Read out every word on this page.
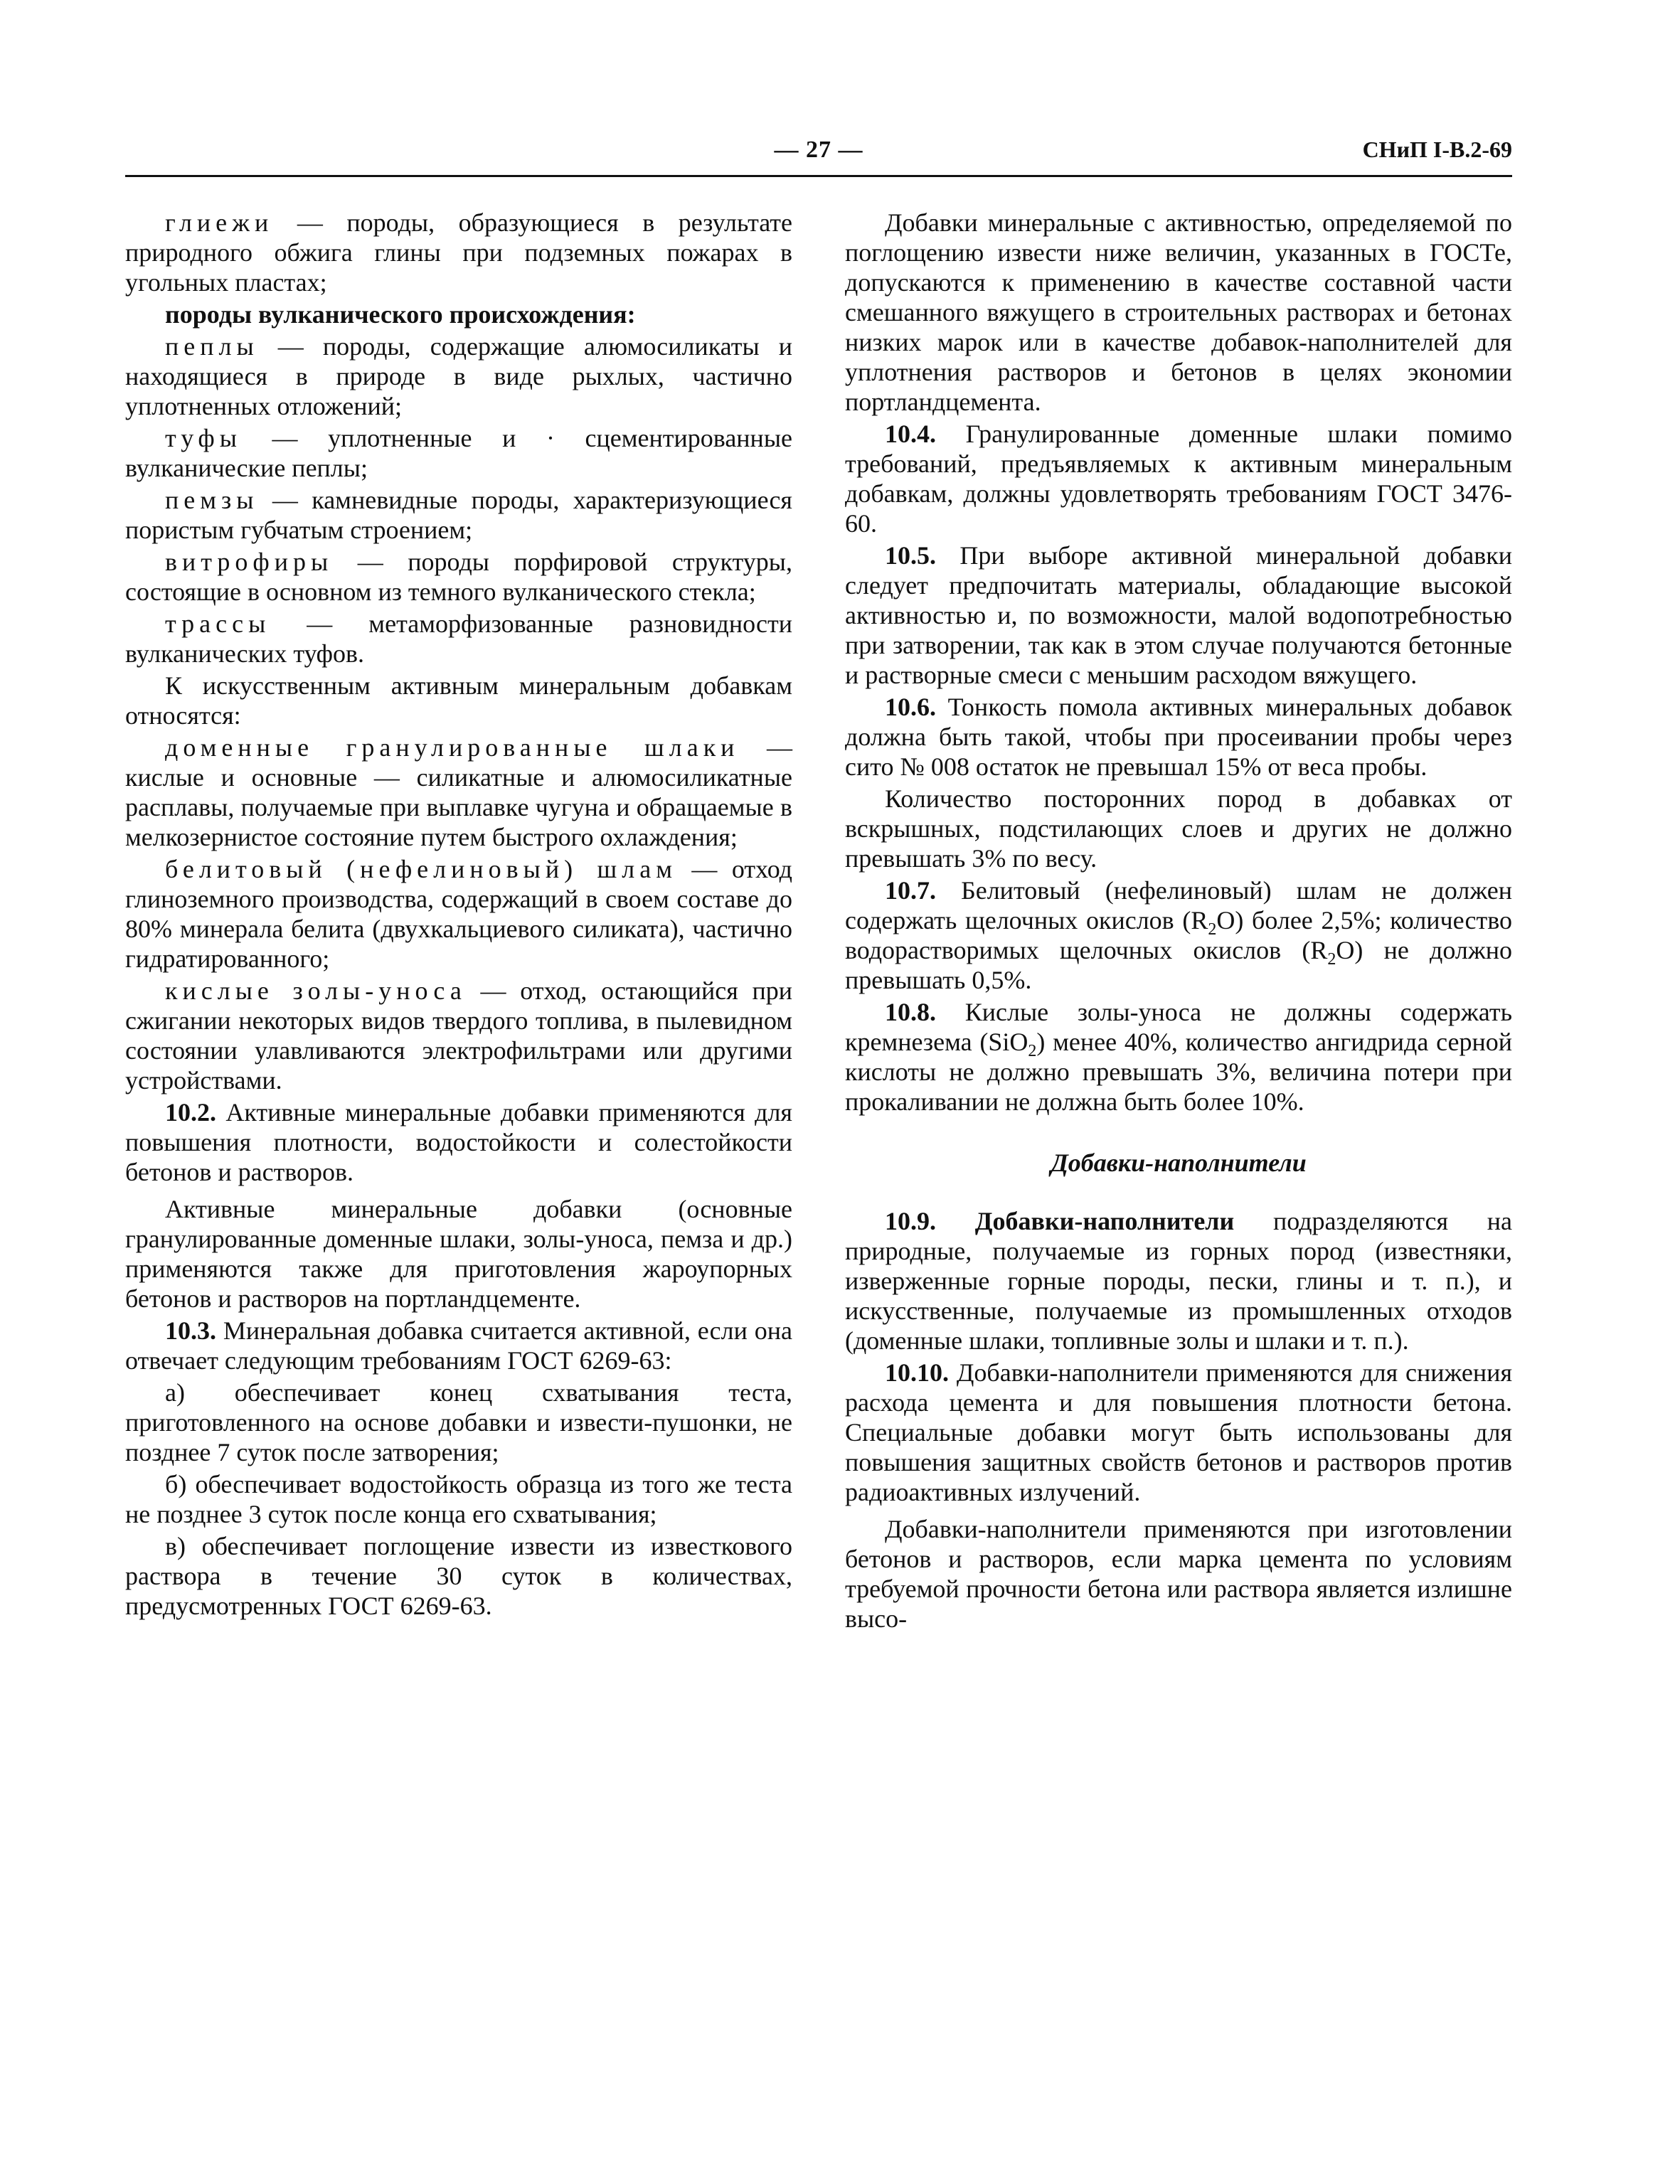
— 27 —	СНиП I-В.2-69

глиежи — породы, образующиеся в результате природного обжига глины при подземных пожарах в угольных пластах;

породы вулканического происхождения:

пеплы — породы, содержащие алюмосиликаты и находящиеся в природе в виде рыхлых, частично уплотненных отложений;

туфы — уплотненные и · сцементированные вулканические пеплы;

пемзы — камневидные породы, характеризующиеся пористым губчатым строением;

витрофиры — породы порфировой структуры, состоящие в основном из темного вулканического стекла;

трассы — метаморфизованные разновидности вулканических туфов.

К искусственным активным минеральным добавкам относятся:

доменные гранулированные шлаки — кислые и основные — силикатные и алюмосиликатные расплавы, получаемые при выплавке чугуна и обращаемые в мелкозернистое состояние путем быстрого охлаждения;

белитовый (нефелиновый) шлам — отход глиноземного производства, содержащий в своем составе до 80% минерала белита (двухкальциевого силиката), частично гидратированного;

кислые золы-уноса — отход, остающийся при сжигании некоторых видов твердого топлива, в пылевидном состоянии улавливаются электрофильтрами или другими устройствами.

10.2. Активные минеральные добавки применяются для повышения плотности, водостойкости и солестойкости бетонов и растворов.

Активные минеральные добавки (основные гранулированные доменные шлаки, золы-уноса, пемза и др.) применяются также для приготовления жароупорных бетонов и растворов на портландцементе.

10.3. Минеральная добавка считается активной, если она отвечает следующим требованиям ГОСТ 6269-63:

а) обеспечивает конец схватывания теста, приготовленного на основе добавки и извести-пушонки, не позднее 7 суток после затворения;

б) обеспечивает водостойкость образца из того же теста не позднее 3 суток после конца его схватывания;

в) обеспечивает поглощение извести из известкового раствора в течение 30 суток в количествах, предусмотренных ГОСТ 6269-63.

Добавки минеральные с активностью, определяемой по поглощению извести ниже величин, указанных в ГОСТе, допускаются к применению в качестве составной части смешанного вяжущего в строительных растворах и бетонах низких марок или в качестве добавок-наполнителей для уплотнения растворов и бетонов в целях экономии портландцемента.

10.4. Гранулированные доменные шлаки помимо требований, предъявляемых к активным минеральным добавкам, должны удовлетворять требованиям ГОСТ 3476-60.

10.5. При выборе активной минеральной добавки следует предпочитать материалы, обладающие высокой активностью и, по возможности, малой водопотребностью при затворении, так как в этом случае получаются бетонные и растворные смеси с меньшим расходом вяжущего.

10.6. Тонкость помола активных минеральных добавок должна быть такой, чтобы при просеивании пробы через сито № 008 остаток не превышал 15% от веса пробы.

Количество посторонних пород в добавках от вскрышных, подстилающих слоев и других не должно превышать 3% по весу.

10.7. Белитовый (нефелиновый) шлам не должен содержать щелочных окислов $(R_2O)$ более 2,5%; количество водорастворимых щелочных окислов $(R_2O)$ не должно превышать 0,5%.

10.8. Кислые золы-уноса не должны содержать кремнезема (SiO$_2$) менее 40%, количество ангидрида серной кислоты не должно превышать 3%, величина потери при прокаливании не должна быть более 10%.

Добавки-наполнители

10.9. Добавки-наполнители подразделяются на природные, получаемые из горных пород (известняки, изверженные горные породы, пески, глины и т. п.), и искусственные, получаемые из промышленных отходов (доменные шлаки, топливные золы и шлаки и т. п.).

10.10. Добавки-наполнители применяются для снижения расхода цемента и для повышения плотности бетона. Специальные добавки могут быть использованы для повышения защитных свойств бетонов и растворов против радиоактивных излучений.

Добавки-наполнители применяются при изготовлении бетонов и растворов, если марка цемента по условиям требуемой прочности бетона или раствора является излишне высо-
